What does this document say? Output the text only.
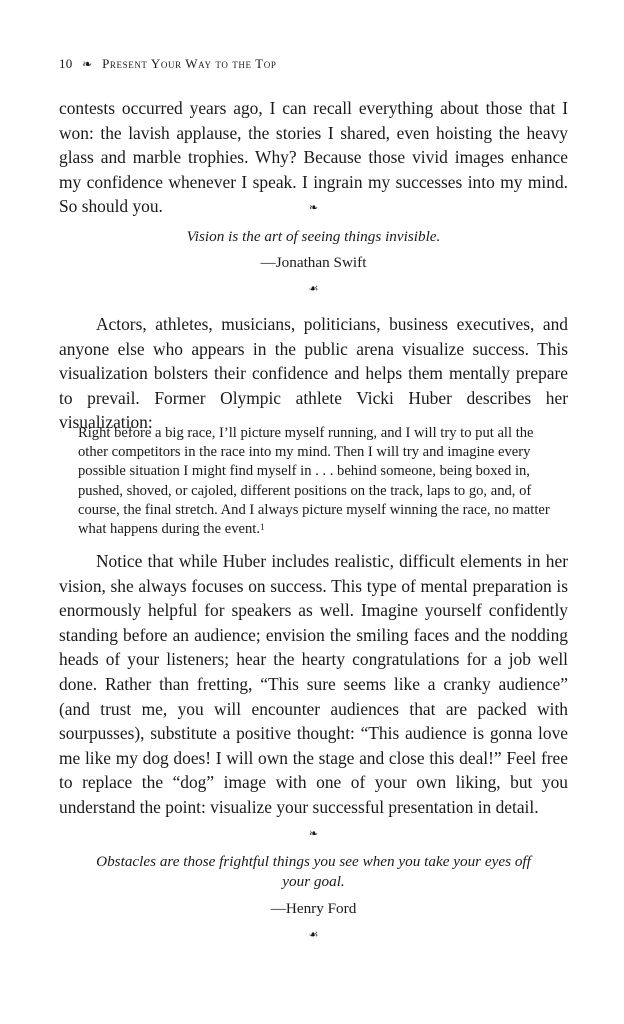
10 ❧ Present Your Way to the Top

contests occurred years ago, I can recall everything about those that I won: the lavish applause, the stories I shared, even hoisting the heavy glass and marble trophies. Why? Because those vivid images enhance my confidence whenever I speak. I ingrain my successes into my mind. So should you.	❧

Vision is the art of seeing things invisible.

—Jonathan Swift

☙

Actors, athletes, musicians, politicians, business executives, and anyone else who appears in the public arena visualize success. This visualization bolsters their confidence and helps them mentally prepare to prevail. Former Olympic athlete Vicki Huber describes her visualization:

Right before a big race, I’ll picture myself running, and I will try to put all the other competitors in the race into my mind. Then I will try and imagine every possible situation I might find myself in . . . behind someone, being boxed in, pushed, shoved, or cajoled, different positions on the track, laps to go, and, of course, the final stretch. And I always picture myself winning the race, no matter what happens during the event.$^1$

Notice that while Huber includes realistic, difficult elements in her vision, she always focuses on success. This type of mental preparation is enormously helpful for speakers as well. Imagine yourself confidently standing before an audience; envision the smiling faces and the nodding heads of your listeners; hear the hearty congratulations for a job well done. Rather than fretting, “This sure seems like a cranky audience” (and trust me, you will encounter audiences that are packed with sourpusses), substitute a positive thought: “This audience is gonna love me like my dog does! I will own the stage and close this deal!” Feel free to replace the “dog” image with one of your own liking, but you understand the point: visualize your successful presentation in detail.

❧

Obstacles are those frightful things you see when you take your eyes off your goal.

—Henry Ford

☙
